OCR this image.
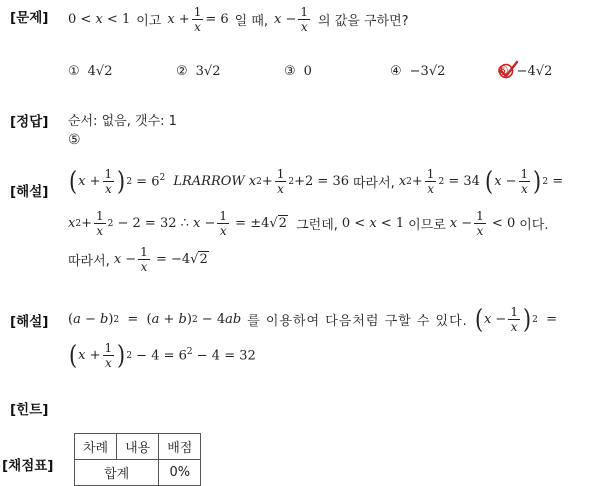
[문제]
[정답]
[해설]
[해설]
[힌트]
[채점표]
0 < x < 1 이고 $x + \frac{1}{x} = 6$ 일 때, $x - \frac{1}{x}$ 의 값을 구하면?
① 4√2	② 3√2	③ 0	④ −3√2	⑤ −4√2
순서: 없음, 갯수: 1
⑤
( $x + \frac{1}{x}$ ) $2 = 6^2$ LRARROW x $2 + \frac{1}{x} 2 +2 = 36$ 따라서, x $2 + \frac{1}{x} 2$
= 34
( $x - \frac{1}{x}$ ) 2 =
x $2 + \frac{1}{x} 2 - 2 = 32$ ∴ $x - \frac{1}{x} = \pm 4√2$ 그런데, 0 < x < 1 이므로 $x - \frac{1}{x} < 0$ 이다.
따라서, $x - \frac{1}{x} = -4√2$
( a − b ) 2 =  ( a + b ) 2 − 4 ab 를 이용하여 다음처럼 구할 수 있다. ( $x - \frac{1}{x}$ ) 2 =
( $x + \frac{1}{x}$ ) $2 - 4 = 6^2 - 4 = 32$
차례	내용	배점
합계		0%
